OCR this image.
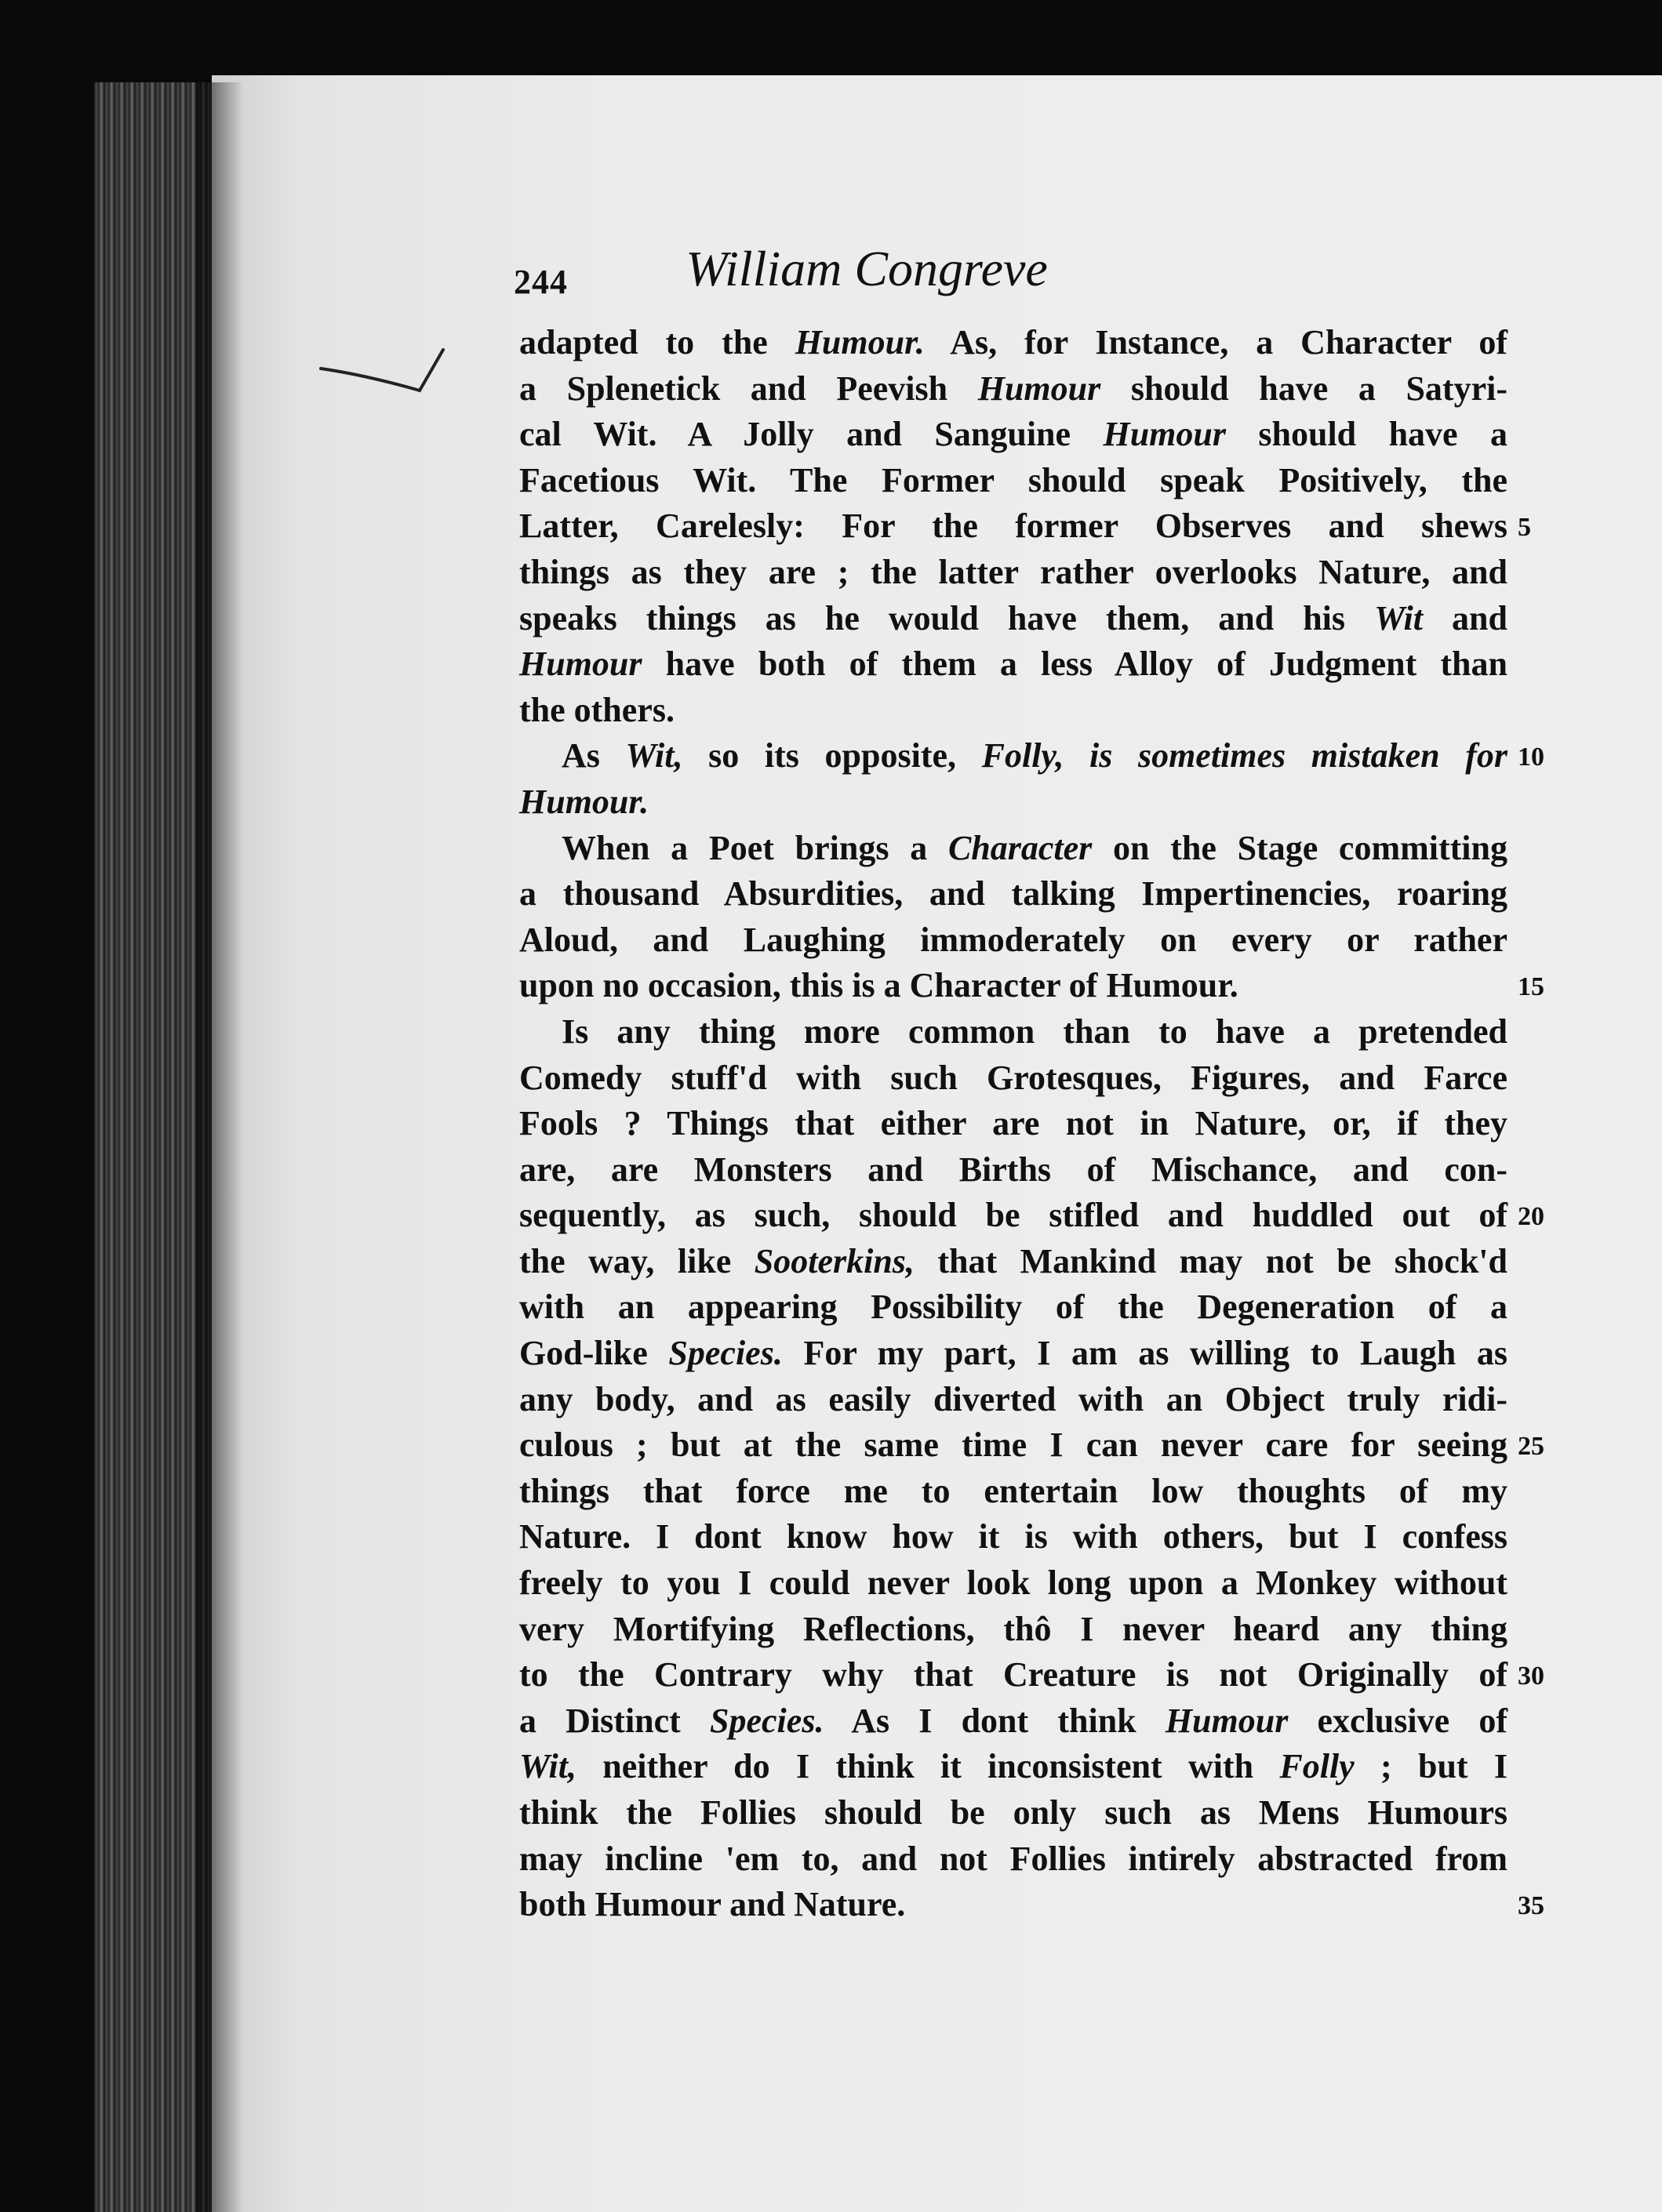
244	William Congreve
adapted to the Humour. As, for Instance, a Character of
a Splenetick and Peevish Humour should have a Satyri-
cal Wit. A Jolly and Sanguine Humour should have a
Facetious Wit. The Former should speak Positively, the
Latter, Carelesly: For the former Observes and shews
things as they are ; the latter rather overlooks Nature, and
speaks things as he would have them, and his Wit and
Humour have both of them a less Alloy of Judgment than
the others.
As Wit, so its opposite, Folly, is sometimes mistaken for
Humour.
When a Poet brings a Character on the Stage committing
a thousand Absurdities, and talking Impertinencies, roaring
Aloud, and Laughing immoderately on every or rather
upon no occasion, this is a Character of Humour.
Is any thing more common than to have a pretended
Comedy stuff'd with such Grotesques, Figures, and Farce
Fools ? Things that either are not in Nature, or, if they
are, are Monsters and Births of Mischance, and con-
sequently, as such, should be stifled and huddled out of
the way, like Sooterkins, that Mankind may not be shock'd
with an appearing Possibility of the Degeneration of a
God-like Species. For my part, I am as willing to Laugh as
any body, and as easily diverted with an Object truly ridi-
culous ; but at the same time I can never care for seeing
things that force me to entertain low thoughts of my
Nature. I dont know how it is with others, but I confess
freely to you I could never look long upon a Monkey without
very Mortifying Reflections, thô I never heard any thing
to the Contrary why that Creature is not Originally of
a Distinct Species. As I dont think Humour exclusive of
Wit, neither do I think it inconsistent with Folly ; but I
think the Follies should be only such as Mens Humours
may incline 'em to, and not Follies intirely abstracted from
both Humour and Nature.
5
10
15
20
25
30
35
